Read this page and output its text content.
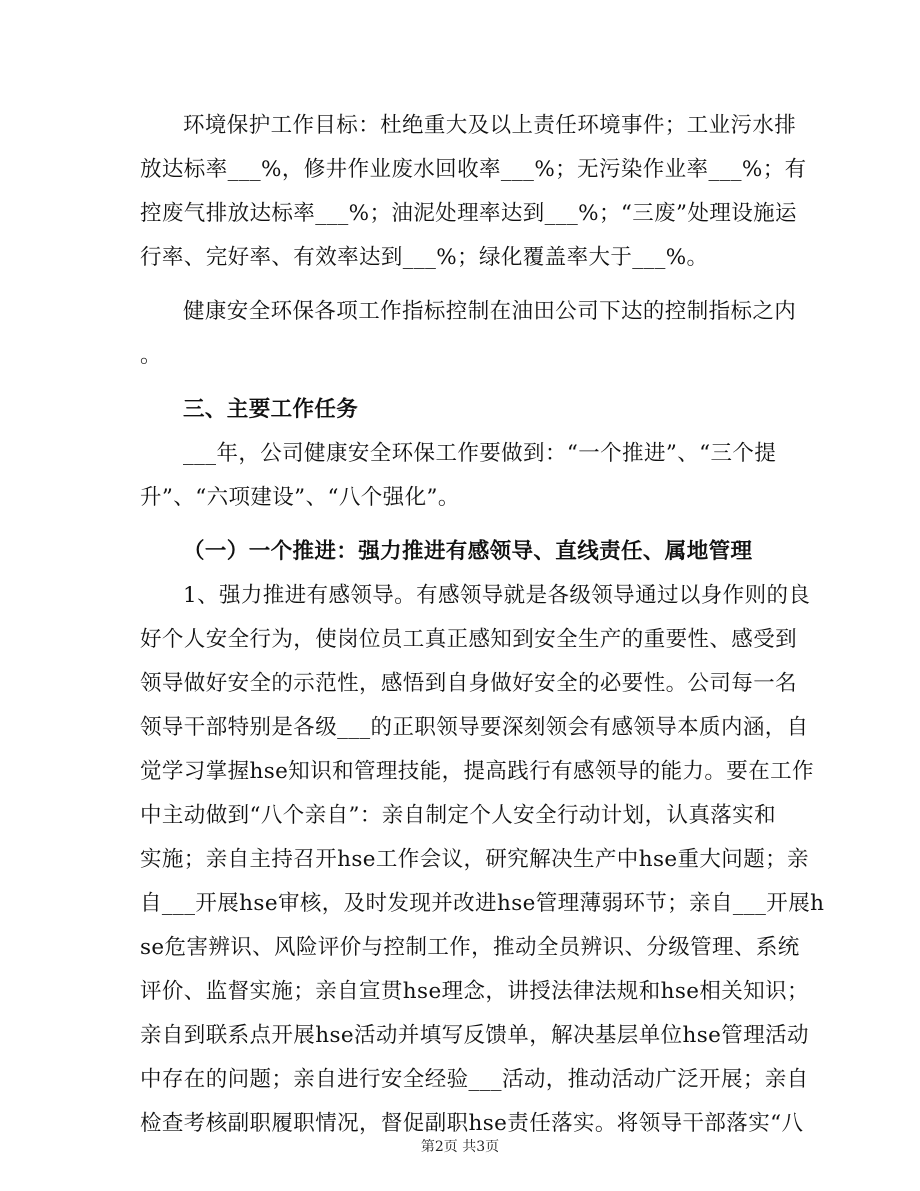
环境保护工作目标：杜绝重大及以上责任环境事件；工业污水排
放达标率___%，修井作业废水回收率___%；无污染作业率___%；有
控废气排放达标率___%；油泥处理率达到___%；“三废”处理设施运
行率、完好率、有效率达到___%；绿化覆盖率大于___%。
健康安全环保各项工作指标控制在油田公司下达的控制指标之内
。
三、主要工作任务
___年，公司健康安全环保工作要做到：“一个推进”、“三个提
升”、“六项建设”、“八个强化”。
（一）一个推进：强力推进有感领导、直线责任、属地管理
1、强力推进有感领导。有感领导就是各级领导通过以身作则的良
好个人安全行为，使岗位员工真正感知到安全生产的重要性、感受到
领导做好安全的示范性，感悟到自身做好安全的必要性。公司每一名
领导干部特别是各级___的正职领导要深刻领会有感领导本质内涵，自
觉学习掌握hse知识和管理技能，提高践行有感领导的能力。要在工作
中主动做到“八个亲自”：亲自制定个人安全行动计划，认真落实和
实施；亲自主持召开hse工作会议，研究解决生产中hse重大问题；亲
自___开展hse审核，及时发现并改进hse管理薄弱环节；亲自___开展h
se危害辨识、风险评价与控制工作，推动全员辨识、分级管理、系统
评价、监督实施；亲自宣贯hse理念，讲授法律法规和hse相关知识；
亲自到联系点开展hse活动并填写反馈单，解决基层单位hse管理活动
中存在的问题；亲自进行安全经验___活动，推动活动广泛开展；亲自
检查考核副职履职情况，督促副职hse责任落实。将领导干部落实“八
第2页 共3页
